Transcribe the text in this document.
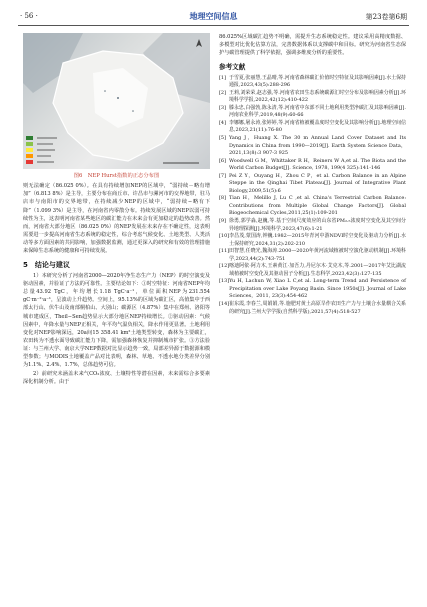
· 56 ·	地理空间信息	第23卷第6期
图6　NEP Hurst指数的正态分布图

则无法确定（86.025 0%）。在具有持续增加NEP的区域中，“弱持续－略有增加”（6.813 8%）是主导，主要分布在商丘市、许昌市与漯河市的交界地带，驻马店市与南阳市的交界地带，在持续减少NEP的区域中，“弱持续−略有下降”（1.099 3%）是主导，在河南省内零散分布。持续发展区域的NEP以弱可持续性为主，这表明河南省某些地区的碳汇能力在未来会有更加稳定的趋势改善。然而，河南省大部分地区（86.025 0%）的NEP发展在未来存在不确定性，这表明需要进一步提高河南省生态系统的稳定性，综合考虑气候变化、土地类型、人类活动等多方面因素的共同影响，加强数据监测，通过更深入的研究和有效的管理措施来保障生态系统的健康和可持续发展。

5　结论与建议

1）本研究分析了河南省2000—2020年净生态生产力（NEP）的时空演变及驱动因素，并验证了方法的可靠性。主要结论如下：①时空特征：河南省NEP年均总量43.92 TgC，年均增长1.18 TgC·a⁻¹，单位面积NEP为231.554 gC·m⁻²·a⁻¹，呈波动上升趋势。空间上，95.13%的区域为碳汇区，高值集中于西部太行山、伏牛山及南部桐柏山、大别山；碳源区（4.87%）集中在郑州、洛阳等城市建成区，Theil−Sen趋势显示大部分地区NEP持续增长。②驱动因素：气候因素中，年降水量与NEP正相关，年平均气温负相关，降水作用更显著。土地利用变化对NEP影响深远，20a间15 358.41 km²土地类型转变，森林为主要碳汇，农田转为不透水面导致碳汇能力下降，需加强森林恢复并抑制城市扩张。③方法验证：与兰州大学、南京大学NEP数据对比显示趋势一致，局部差异源于数据源和模型参数；与MODIS土地覆盖产品对比表明，森林、草地、不透水地分类差异分别为1.1%、2.4%、1.7%，总体趋势可信。

2）前研究未涵盖未来气CO₂浓度、土壤特性等潜在因素，未来需综合多要素深化机制分析。由于

86.025%区域碳汇趋势不明确，需提升生态系统稳定性。建议采用高精度数据、多模型对比优化估算方法，完善数据体系以支撑碳中和目标。研究为河南省生态保护与碳管理提供了科学依据，强调多维度分析的重要性。

参考文献
[1] 于雪夏,张丽慧,王晶晴,等.河南省森林碳汇价值时空特征及其影响因素[J].水土保持通报,2023,43(5):288-296
[2] 王莉,刘荣荣,赵志强,等.河南省农田生态系统碳源汇时空分布及影响因素分析[J].环境科学学报,2022,42(12):410-422
[3] 滕永忠,白强勃,陈永清,等.河南省中东部不同土地利用类型净碳汇及其影响因素[J].河南农业科学,2019,48(9):60-66
[4] 李娜娜,屠永涛,张婷婷,等.河南省植被覆盖度时空变化及其影响分析[J].地理空间信息,2023,21(11):76-80
[5] Yang J，Huang X. The 30 m Annual Land Cover Dataset and Its Dynamics in China from 1990—2019[J]. Earth System Science Data，2021,13(8):3 907-3 925
[6] Woodwell G M，Whittaker R H，Reiners W A,et al. The Biota and the World Carbon Budget[J]. Science, 1978, 199(4 325):141-146
[7] Pei Z Y，Ouyang H，Zhou C P，et al. Carbon Balance in an Alpine Steppe in the Qinghai Tibet Plateau[J]. Journal of Integrative Plant Biology,2009,51(5):6
[8] Tian H，Melillo J, Lu C ,et al. China's Terrestrial Carbon Balance: Contributions from Multiple Global Change Factors[J]. Global Biogeochemical Cycles,2011,25(1):109-201
[9] 徐勇,郭学淼,赵巍,等.基于空间尺度效应的山东省PM₂.₅浓度时空变化及其空间分异地理探测[J].环境科学,2023,47(6):1-21
[10] 李昌茂,蒙国涛,钟巍.1982—2015年青河中游NDVI时空变化及驱动力分析[J].水土保持研究,2024,31(2):202-210
[11] 田智慧,任晓光,魏海涛.2000—2020年黄河流域植被时空演化驱动机制[J].环境科学,2023,44(2):743-751
[12] 喀迪阿依·阿力木,王素黄江·加吾力,丹尼尔木·艾克木,等.2001—2017年艾比湖流域植被时空变化及其驱动因子分析[J].生态科学,2023,42(3):127-135
[13] Yu H, Lachun W, Xiao L C,et al. Long-term Trend and Persistence of Precipitation over Lake Poyang Basin. Since 1950s[J]. Journal of Lake Sciences，2011, 23(3):454-462
[14] 崔东霞,李春兰,周娟娟,等.施肥对黄土高原旱作农田生产力与土壤合水量耦合关系的研究[J].兰州大学学报(自然科学版),2021,57(4):518-527
